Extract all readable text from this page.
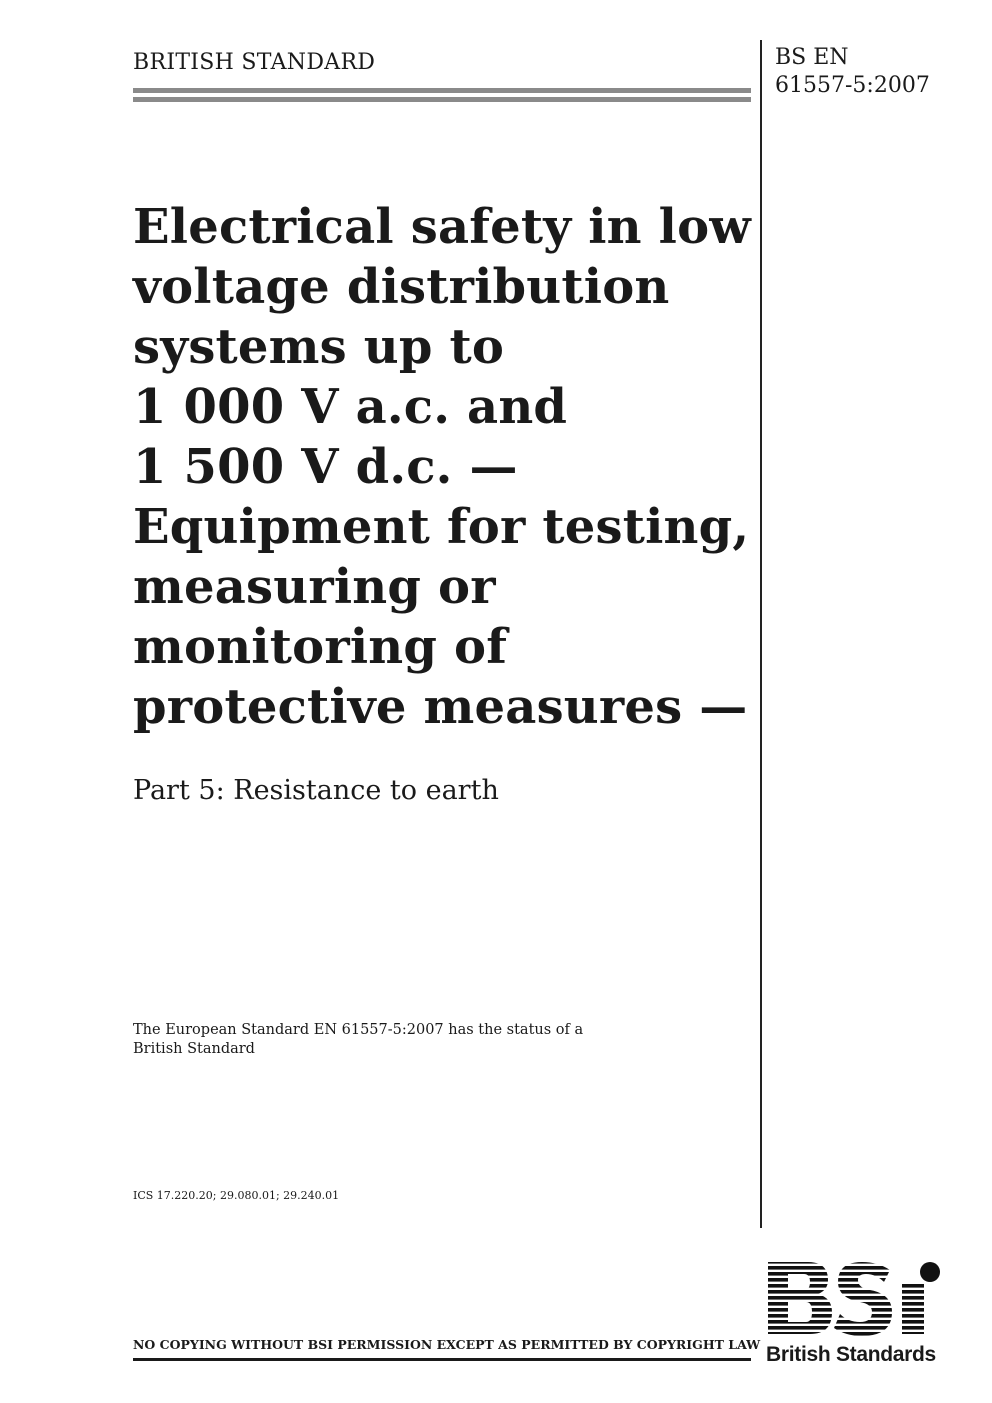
BRITISH STANDARD	BS EN
61557-5:2007
Electrical safety in low
voltage distribution
systems up to
1 000 V a.c. and
1 500 V d.c. —
Equipment for testing,
measuring or
monitoring of
protective measures —
Part 5: Resistance to earth
The European Standard EN 61557-5:2007 has the status of a
British Standard
ICS 17.220.20; 29.080.01; 29.240.01
NO COPYING WITHOUT BSI PERMISSION EXCEPT AS PERMITTED BY COPYRIGHT LAW British Standards
